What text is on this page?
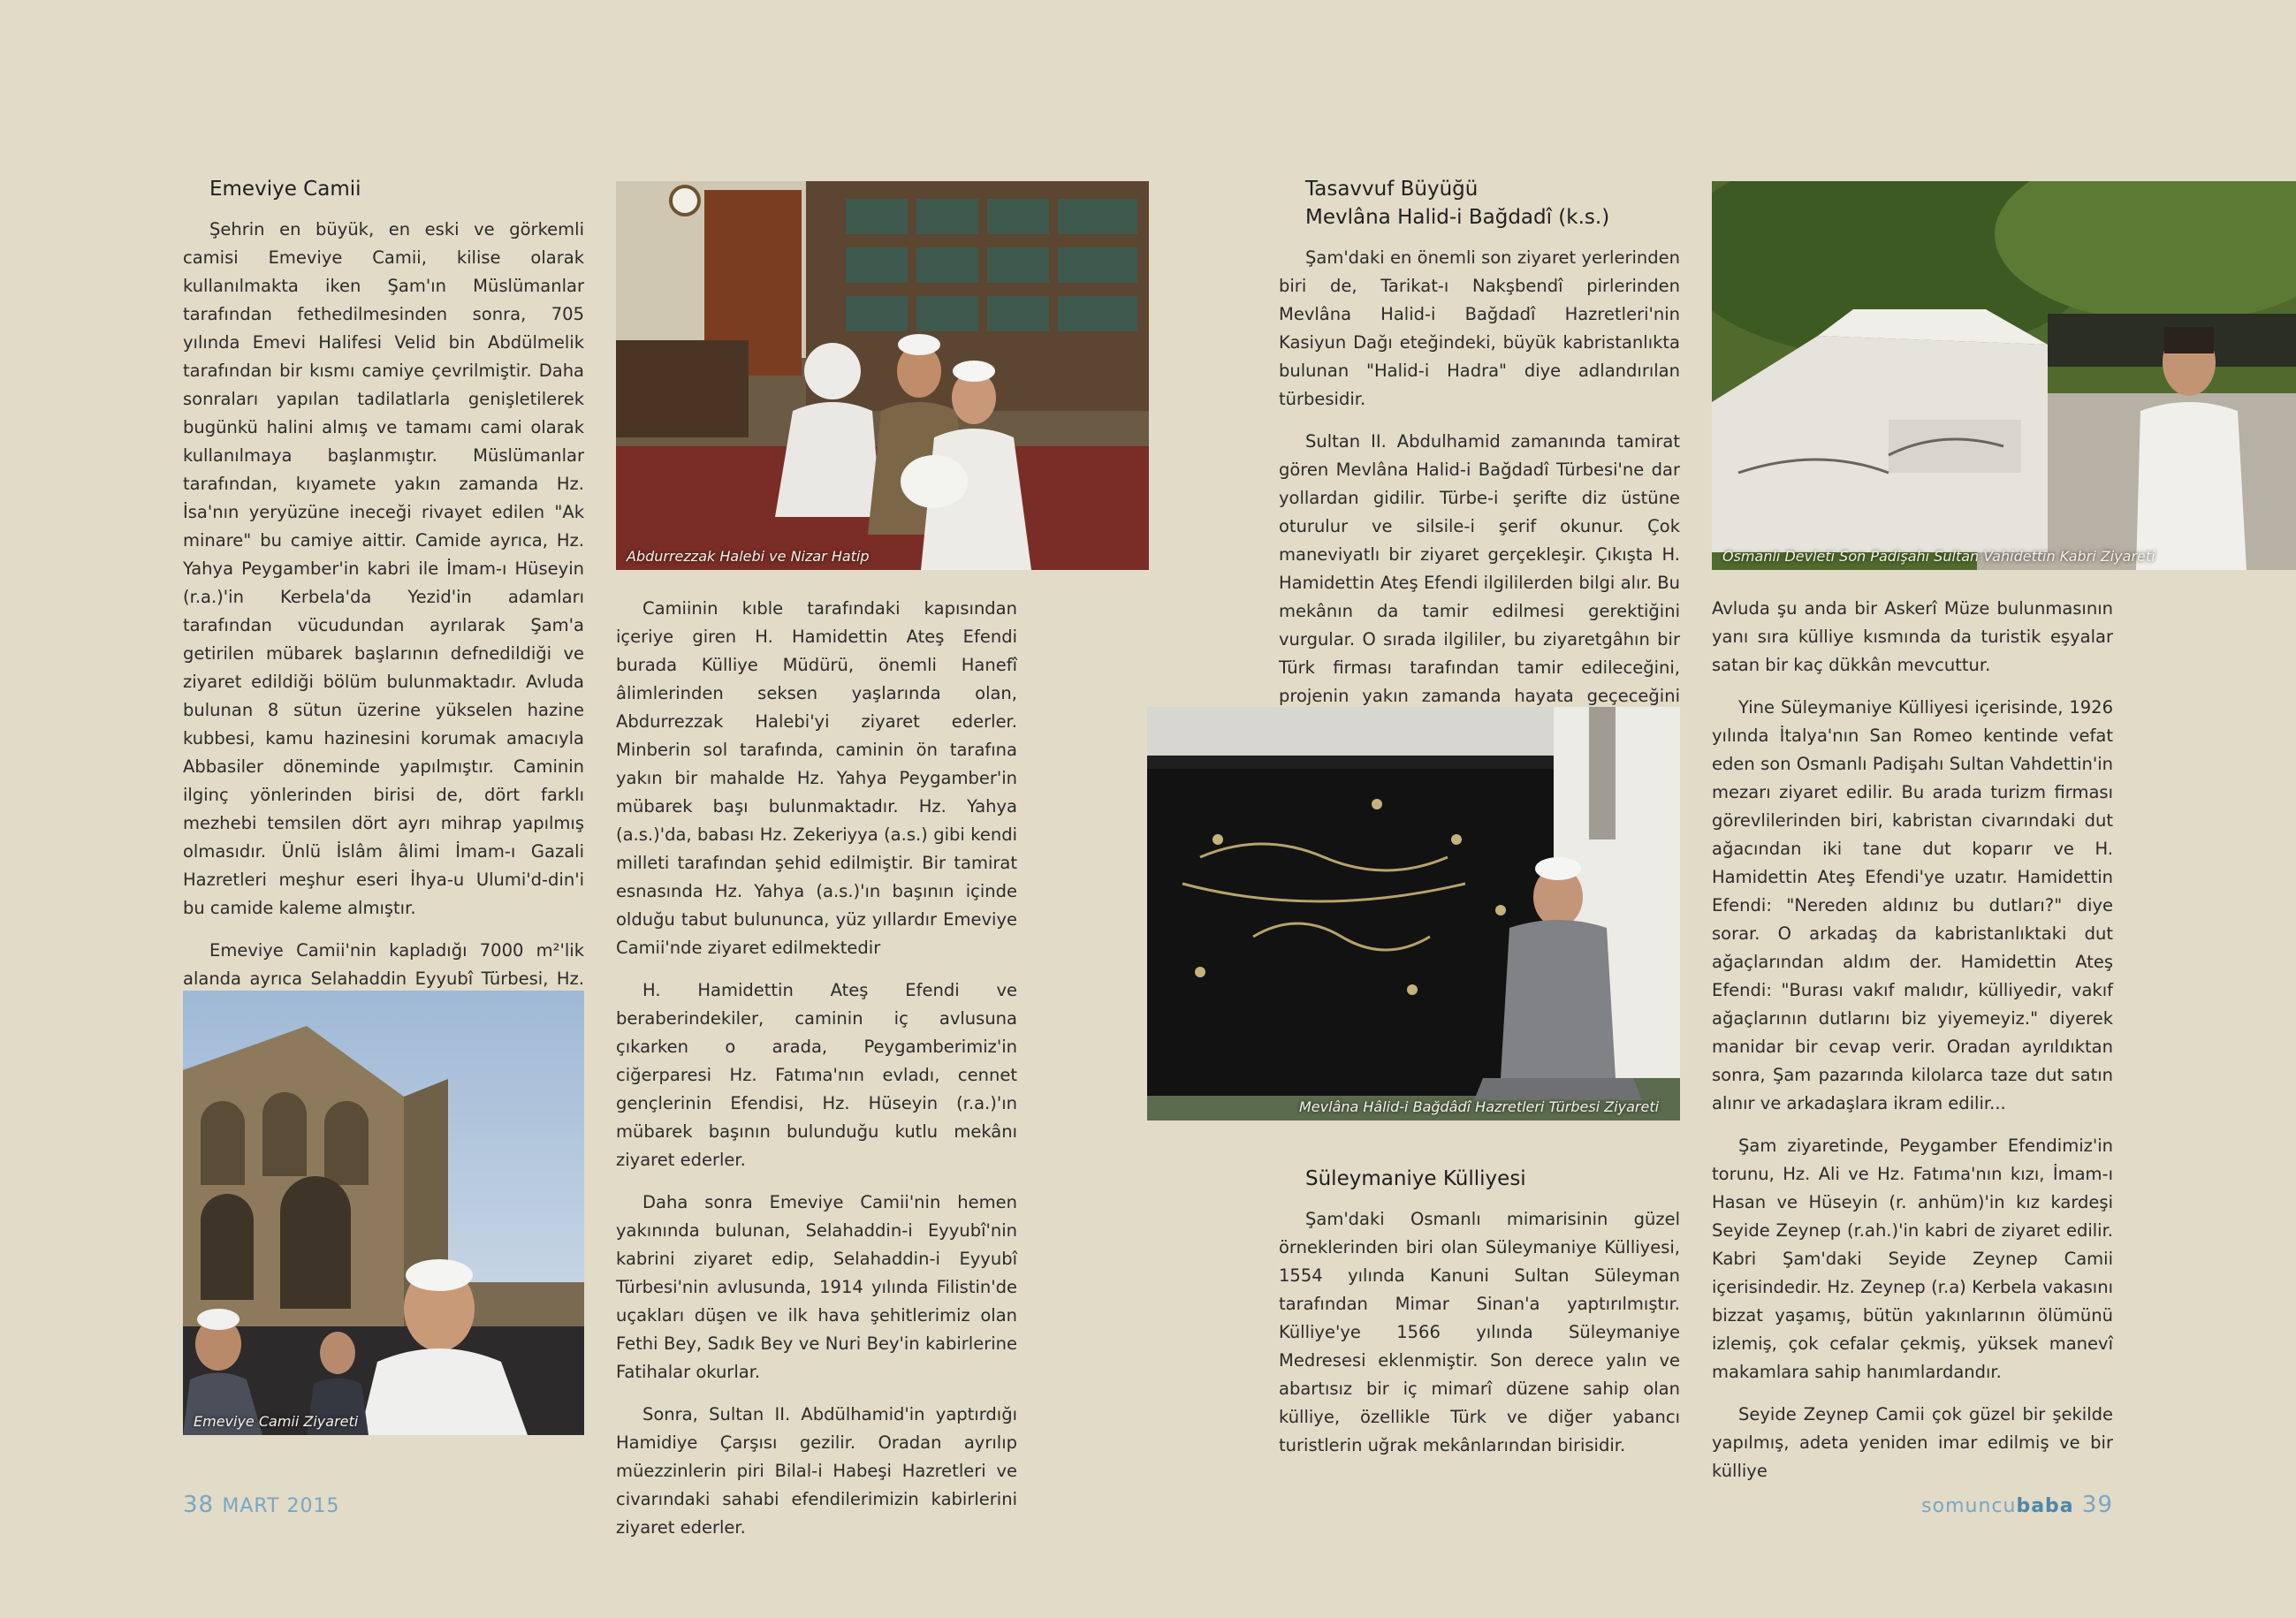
Emeviye Camii

Şehrin en büyük, en eski ve görkemli camisi Emeviye Camii, kilise olarak kullanılmakta iken Şam'ın Müslümanlar tarafından fethedilmesinden sonra, 705 yılında Emevi Halifesi Velid bin Abdülmelik tarafından bir kısmı camiye çevrilmiştir. Daha sonraları yapılan tadilatlarla genişletilerek bugünkü halini almış ve tamamı cami olarak kullanılmaya başlanmıştır. Müslümanlar tarafından, kıyamete yakın zamanda Hz. İsa'nın yeryüzüne ineceği rivayet edilen "Ak minare" bu camiye aittir. Camide ayrıca, Hz. Yahya Peygamber'in kabri ile İmam-ı Hüseyin (r.a.)'in Kerbela'da Yezid'in adamları tarafından vücudundan ayrılarak Şam'a getirilen mübarek başlarının defnedildiği ve ziyaret edildiği bölüm bulunmaktadır. Avluda bulunan 8 sütun üzerine yükselen hazine kubbesi, kamu hazinesini korumak amacıyla Abbasiler döneminde yapılmıştır. Caminin ilginç yönlerinden birisi de, dört farklı mezhebi temsilen dört ayrı mihrap yapılmış olmasıdır. Ünlü İslâm âlimi İmam-ı Gazali Hazretleri meşhur eseri İhya-u Ulumi'd-din'i bu camide kaleme almıştır.

Emeviye Camii'nin kapladığı 7000 m²'lik alanda ayrıca Selahaddin Eyyubî Türbesi, Hz.

Emeviye Camii Ziyareti
Abdurrezzak Halebi ve Nizar Hatip

Camiinin kıble tarafındaki kapısından içeriye giren H. Hamidettin Ateş Efendi burada Külliye Müdürü, önemli Hanefî âlimlerinden seksen yaşlarında olan, Abdurrezzak Halebi'yi ziyaret ederler. Minberin sol tarafında, caminin ön tarafına yakın bir mahalde Hz. Yahya Peygamber'in mübarek başı bulunmaktadır. Hz. Yahya (a.s.)'da, babası Hz. Zekeriyya (a.s.) gibi kendi milleti tarafından şehid edilmiştir. Bir tamirat esnasında Hz. Yahya (a.s.)'ın başının içinde olduğu tabut bulununca, yüz yıllardır Emeviye Camii'nde ziyaret edilmektedir

H. Hamidettin Ateş Efendi ve beraberindekiler, caminin iç avlusuna çıkarken o arada, Peygamberimiz'in ciğerparesi Hz. Fatıma'nın evladı, cennet gençlerinin Efendisi, Hz. Hüseyin (r.a.)'ın mübarek başının bulunduğu kutlu mekânı ziyaret ederler.

Daha sonra Emeviye Camii'nin hemen yakınında bulunan, Selahaddin-i Eyyubî'nin kabrini ziyaret edip, Selahaddin-i Eyyubî Türbesi'nin avlusunda, 1914 yılında Filistin'de uçakları düşen ve ilk hava şehitlerimiz olan Fethi Bey, Sadık Bey ve Nuri Bey'in kabirlerine Fatihalar okurlar.

Sonra, Sultan II. Abdülhamid'in yaptırdığı Hamidiye Çarşısı gezilir. Oradan ayrılıp müezzinlerin piri Bilal-i Habeşi Hazretleri ve civarındaki sahabi efendilerimizin kabirlerini ziyaret ederler.

Tasavvuf Büyüğü
Mevlâna Halid-i Bağdadî (k.s.)

Şam'daki en önemli son ziyaret yerlerinden biri de, Tarikat-ı Nakşbendî pirlerinden Mevlâna Halid-i Bağdadî Hazretleri'nin Kasiyun Dağı eteğindeki, büyük kabristanlıkta bulunan "Halid-i Hadra" diye adlandırılan türbesidir.

Sultan II. Abdulhamid zamanında tamirat gören Mevlâna Halid-i Bağdadî Türbesi'ne dar yollardan gidilir. Türbe-i şerifte diz üstüne oturulur ve silsile-i şerif okunur. Çok maneviyatlı bir ziyaret gerçekleşir. Çıkışta H. Hamidettin Ateş Efendi ilgililerden bilgi alır. Bu mekânın da tamir edilmesi gerektiğini vurgular. O sırada ilgililer, bu ziyaretgâhın bir Türk firması tarafından tamir edileceğini, projenin yakın zamanda hayata geçeceğini

Mevlâna Hâlid-i Bağdâdî Hazretleri Türbesi Ziyareti
Süleymaniye Külliyesi

Şam'daki Osmanlı mimarisinin güzel örneklerinden biri olan Süleymaniye Külliyesi, 1554 yılında Kanuni Sultan Süleyman tarafından Mimar Sinan'a yaptırılmıştır. Külliye'ye 1566 yılında Süleymaniye Medresesi eklenmiştir. Son derece yalın ve abartısız bir iç mimarî düzene sahip olan külliye, özellikle Türk ve diğer yabancı turistlerin uğrak mekânlarından birisidir.

Osmanlı Devleti Son Padişahı Sultan Vahidettin Kabri Ziyareti

Avluda şu anda bir Askerî Müze bulunmasının yanı sıra külliye kısmında da turistik eşyalar satan bir kaç dükkân mevcuttur.

Yine Süleymaniye Külliyesi içerisinde, 1926 yılında İtalya'nın San Romeo kentinde vefat eden son Osmanlı Padişahı Sultan Vahdettin'in mezarı ziyaret edilir. Bu arada turizm firması görevlilerinden biri, kabristan civarındaki dut ağacından iki tane dut koparır ve H. Hamidettin Ateş Efendi'ye uzatır. Hamidettin Efendi: "Nereden aldınız bu dutları?" diye sorar. O arkadaş da kabristanlıktaki dut ağaçlarından aldım der. Hamidettin Ateş Efendi: "Burası vakıf malıdır, külliyedir, vakıf ağaçlarının dutlarını biz yiyemeyiz." diyerek manidar bir cevap verir. Oradan ayrıldıktan sonra, Şam pazarında kilolarca taze dut satın alınır ve arkadaşlara ikram edilir...

Şam ziyaretinde, Peygamber Efendimiz'in torunu, Hz. Ali ve Hz. Fatıma'nın kızı, İmam-ı Hasan ve Hüseyin (r. anhüm)'in kız kardeşi Seyide Zeynep (r.ah.)'in kabri de ziyaret edilir. Kabri Şam'daki Seyide Zeynep Camii içerisindedir. Hz. Zeynep (r.a) Kerbela vakasını bizzat yaşamış, bütün yakınlarının ölümünü izlemiş, çok cefalar çekmiş, yüksek manevî makamlara sahip hanımlardandır.

Seyide Zeynep Camii çok güzel bir şekilde yapılmış, adeta yeniden imar edilmiş ve bir külliye

38 MART 2015	somuncubaba 39
